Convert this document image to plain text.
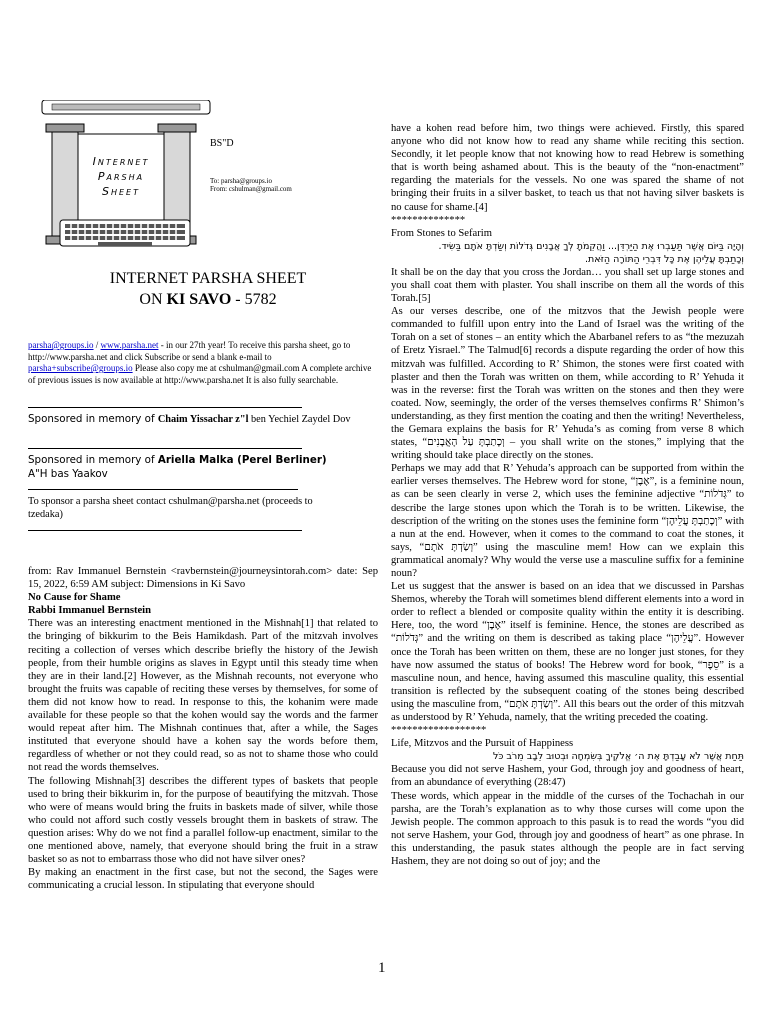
Internet
Parsha
Sheet
BS"D
To: parsha@groups.io
From: cshulman@gmail.com
INTERNET PARSHA SHEET
ON KI SAVO - 5782
parsha@groups.io / www.parsha.net - in our 27th year! To receive this parsha sheet, go to http://www.parsha.net and click Subscribe or send a blank e-mail to parsha+subscribe@groups.io Please also copy me at cshulman@gmail.com A complete archive of previous issues is now available at http://www.parsha.net It is also fully searchable.
Sponsored in memory of Chaim Yissachar z"l ben Yechiel Zaydel Dov
Sponsored in memory of Ariella Malka (Perel Berliner)
A"H bas Yaakov
To sponsor a parsha sheet contact cshulman@parsha.net (proceeds to tzedaka)

from: Rav Immanuel Bernstein <ravbernstein@journeysintorah.com> date: Sep 15, 2022, 6:59 AM subject: Dimensions in Ki Savo

No Cause for Shame

Rabbi Immanuel Bernstein

There was an interesting enactment mentioned in the Mishnah[1] that related to the bringing of bikkurim to the Beis Hamikdash. Part of the mitzvah involves reciting a collection of verses which describe briefly the history of the Jewish people, from their humble origins as slaves in Egypt until this steady time when they are in their land.[2] However, as the Mishnah recounts, not everyone who brought the fruits was capable of reciting these verses by themselves, for some of them did not know how to read. In response to this, the kohanim were made available for these people so that the kohen would say the words and the farmer would repeat after him. The Mishnah continues that, after a while, the Sages instituted that everyone should have a kohen say the words before them, regardless of whether or not they could read, so as not to shame those who could not read the words themselves.

The following Mishnah[3] describes the different types of baskets that people used to bring their bikkurim in, for the purpose of beautifying the mitzvah. Those who were of means would bring the fruits in baskets made of silver, while those who could not afford such costly vessels brought them in baskets of straw. The question arises: Why do we not find a parallel follow-up enactment, similar to the one mentioned above, namely, that everyone should bring the fruit in a straw basket so as not to embarrass those who did not have silver ones?

By making an enactment in the first case, but not the second, the Sages were communicating a crucial lesson. In stipulating that everyone should

have a kohen read before him, two things were achieved. Firstly, this spared anyone who did not know how to read any shame while reciting this section. Secondly, it let people know that not knowing how to read Hebrew is something that is worth being ashamed about. This is the beauty of the “non-enactment” regarding the materials for the vessels. No one was spared the shame of not bringing their fruits in a silver basket, to teach us that not having silver baskets is no cause for shame.[4]

**************

From Stones to Sefarim

וְהָיָה בַּיּוֹם אֲשֶׁר תַּעַבְרוּ אֶת הַיַּרְדֵּן... וַהֲקֵמֹתָ לְךָ אֲבָנִים גְּדֹלוֹת וְשַׂדְתָּ אֹתָם בַּשִּׂיד.

וְכָתַבְתָּ עֲלֵיהֶן אֶת כָּל דִּבְרֵי הַתּוֹרָה הַזֹּאת.

It shall be on the day that you cross the Jordan… you shall set up large stones and you shall coat them with plaster. You shall inscribe on them all the words of this Torah.[5]

As our verses describe, one of the mitzvos that the Jewish people were commanded to fulfill upon entry into the Land of Israel was the writing of the Torah on a set of stones – an entity which the Abarbanel refers to as “the mezuzah of Eretz Yisrael.” The Talmud[6] records a dispute regarding the order of how this mitzvah was fulfilled. According to R’ Shimon, the stones were first coated with plaster and then the Torah was written on them, while according to R’ Yehuda it was in the reverse: first the Torah was written on the stones and then they were coated. Now, seemingly, the order of the verses themselves confirms R’ Shimon’s understanding, as they first mention the coating and then the writing! Nevertheless, the Gemara explains the basis for R’ Yehuda’s as coming from verse 8 which states, “וְכָתַבְתָּ עַל הָאֲבָנִים – you shall write on the stones,” implying that the writing should take place directly on the stones.

Perhaps we may add that R’ Yehuda’s approach can be supported from within the earlier verses themselves. The Hebrew word for stone, “אֶבֶן”, is a feminine noun, as can be seen clearly in verse 2, which uses the feminine adjective “גְּדֹלוֹת” to describe the large stones upon which the Torah is to be written. Likewise, the description of the writing on the stones uses the feminine form “וְכָתַבְתָּ עֲלֵיהֶן” with a nun at the end. However, when it comes to the command to coat the stones, it says, “וְשַׂדְתָּ אֹתָם” using the masculine mem! How can we explain this grammatical anomaly? Why would the verse use a masculine suffix for a feminine noun?

Let us suggest that the answer is based on an idea that we discussed in Parshas Shemos, whereby the Torah will sometimes blend different elements into a word in order to reflect a blended or composite quality within the entity it is describing. Here, too, the word “אֶבֶן” itself is feminine. Hence, the stones are described as “גְּדֹלוֹת” and the writing on them is described as taking place “עֲלֵיהֶן”. However once the Torah has been written on them, these are no longer just stones, for they have now assumed the status of books! The Hebrew word for book, “סֵפֶר” is a masculine noun, and hence, having assumed this masculine quality, this essential transition is reflected by the subsequent coating of the stones being described using the masculine from, “וְשַׂדְתָּ אֹתָם”. All this bears out the order of this mitzvah as understood by R’ Yehuda, namely, that the writing preceded the coating.

******************

Life, Mitzvos and the Pursuit of Happiness

תַּחַת אֲשֶׁר לֹא עָבַדְתָּ אֶת ה׳ אֱלֹקֶיךָ בְּשִׂמְחָה וּבְטוּב לֵבָב מֵרֹב כֹּל

Because you did not serve Hashem, your God, through joy and goodness of heart, from an abundance of everything (28:47)

These words, which appear in the middle of the curses of the Tochachah in our parsha, are the Torah’s explanation as to why those curses will come upon the Jewish people. The common approach to this pasuk is to read the words “you did not serve Hashem, your God, through joy and goodness of heart” as one phrase. In this understanding, the pasuk states although the people are in fact serving Hashem, they are not doing so out of joy; and the

1
